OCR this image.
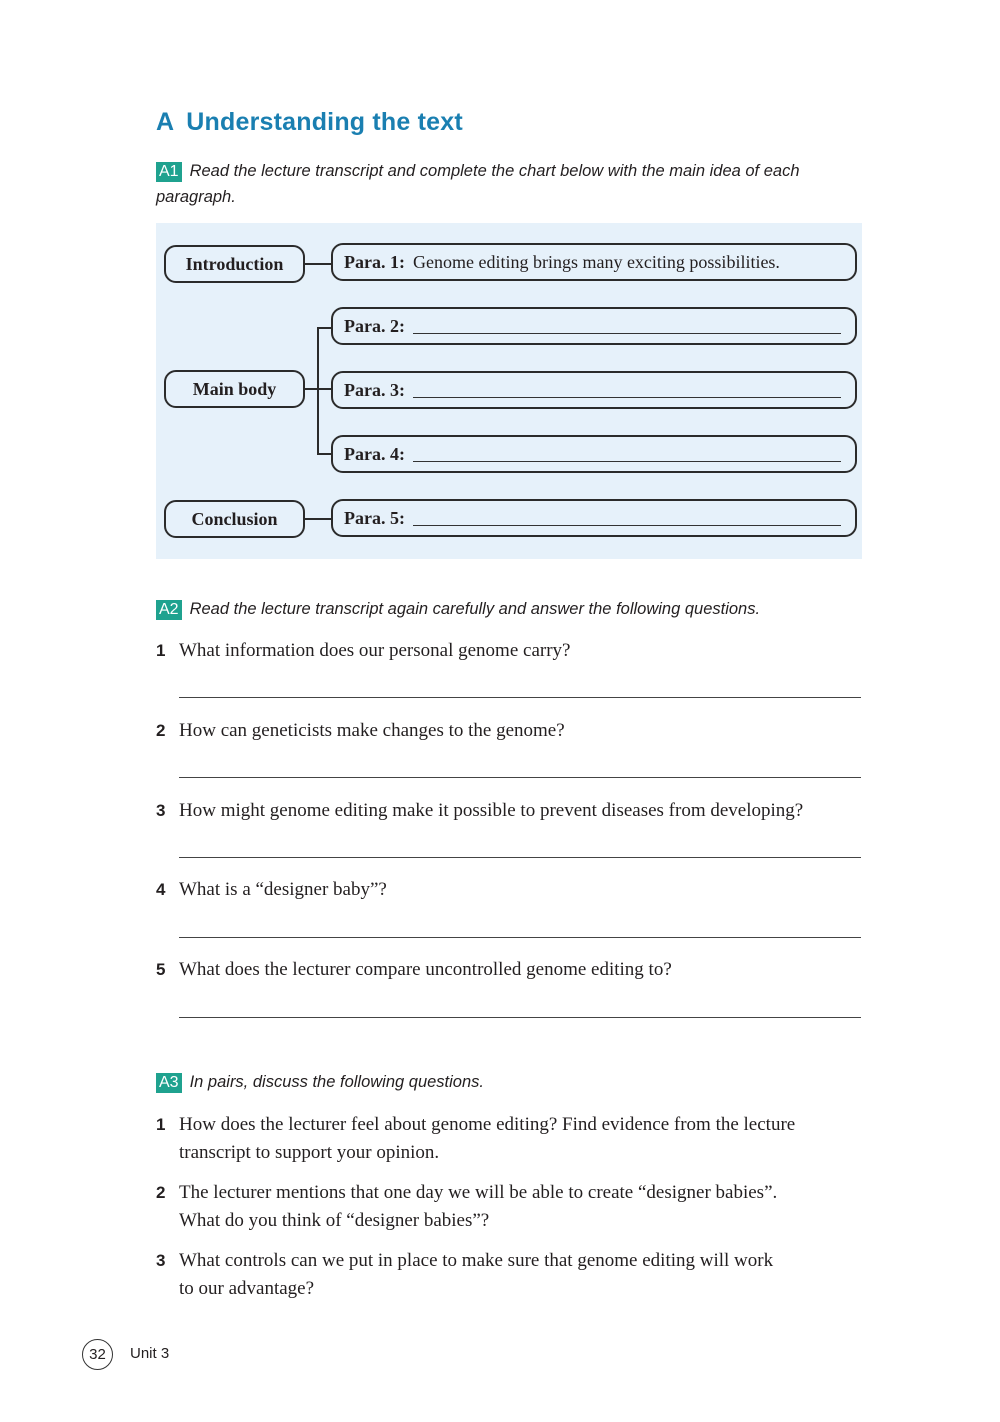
A Understanding the text
A1 Read the lecture transcript and complete the chart below with the main idea of each
paragraph.
Introduction
Main body
Conclusion
Para. 1: Genome editing brings many exciting possibilities.
Para. 2:
Para. 3:
Para. 4:
Para. 5:
A2 Read the lecture transcript again carefully and answer the following questions.
1 What information does our personal genome carry?
2 How can geneticists make changes to the genome?
3 How might genome editing make it possible to prevent diseases from developing?
4 What is a “designer baby”?
5 What does the lecturer compare uncontrolled genome editing to?
A3 In pairs, discuss the following questions.
1 How does the lecturer feel about genome editing? Find evidence from the lecture
transcript to support your opinion.
2 The lecturer mentions that one day we will be able to create “designer babies”.
What do you think of “designer babies”?
3 What controls can we put in place to make sure that genome editing will work
to our advantage?
32	Unit 3
